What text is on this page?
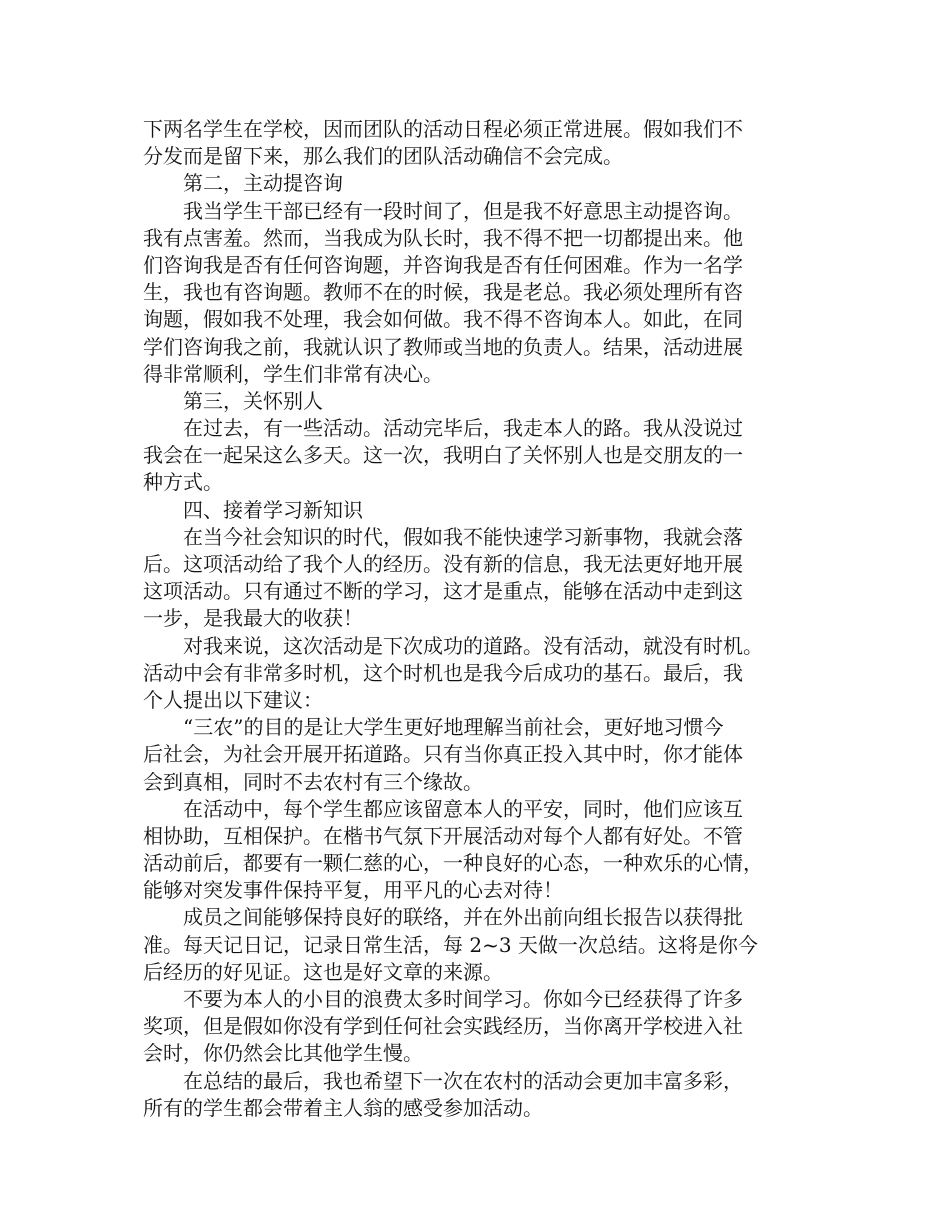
下两名学生在学校，因而团队的活动日程必须正常进展。假如我们不
分发而是留下来，那么我们的团队活动确信不会完成。
第二，主动提咨询
我当学生干部已经有一段时间了，但是我不好意思主动提咨询。
我有点害羞。然而，当我成为队长时，我不得不把一切都提出来。他
们咨询我是否有任何咨询题，并咨询我是否有任何困难。作为一名学
生，我也有咨询题。教师不在的时候，我是老总。我必须处理所有咨
询题，假如我不处理，我会如何做。我不得不咨询本人。如此，在同
学们咨询我之前，我就认识了教师或当地的负责人。结果，活动进展
得非常顺利，学生们非常有决心。
第三，关怀别人
在过去，有一些活动。活动完毕后，我走本人的路。我从没说过
我会在一起呆这么多天。这一次，我明白了关怀别人也是交朋友的一
种方式。
四、接着学习新知识
在当今社会知识的时代，假如我不能快速学习新事物，我就会落
后。这项活动给了我个人的经历。没有新的信息，我无法更好地开展
这项活动。只有通过不断的学习，这才是重点，能够在活动中走到这
一步，是我最大的收获！
对我来说，这次活动是下次成功的道路。没有活动，就没有时机。
活动中会有非常多时机，这个时机也是我今后成功的基石。最后，我
个人提出以下建议：
“三农”的目的是让大学生更好地理解当前社会，更好地习惯今
后社会，为社会开展开拓道路。只有当你真正投入其中时，你才能体
会到真相，同时不去农村有三个缘故。
在活动中，每个学生都应该留意本人的平安，同时，他们应该互
相协助，互相保护。在楷书气氛下开展活动对每个人都有好处。不管
活动前后，都要有一颗仁慈的心，一种良好的心态，一种欢乐的心情，
能够对突发事件保持平复，用平凡的心去对待！
成员之间能够保持良好的联络，并在外出前向组长报告以获得批
准。每天记日记，记录日常生活，每 2~3 天做一次总结。这将是你今
后经历的好见证。这也是好文章的来源。
不要为本人的小目的浪费太多时间学习。你如今已经获得了许多
奖项，但是假如你没有学到任何社会实践经历，当你离开学校进入社
会时，你仍然会比其他学生慢。
在总结的最后，我也希望下一次在农村的活动会更加丰富多彩，
所有的学生都会带着主人翁的感受参加活动。
